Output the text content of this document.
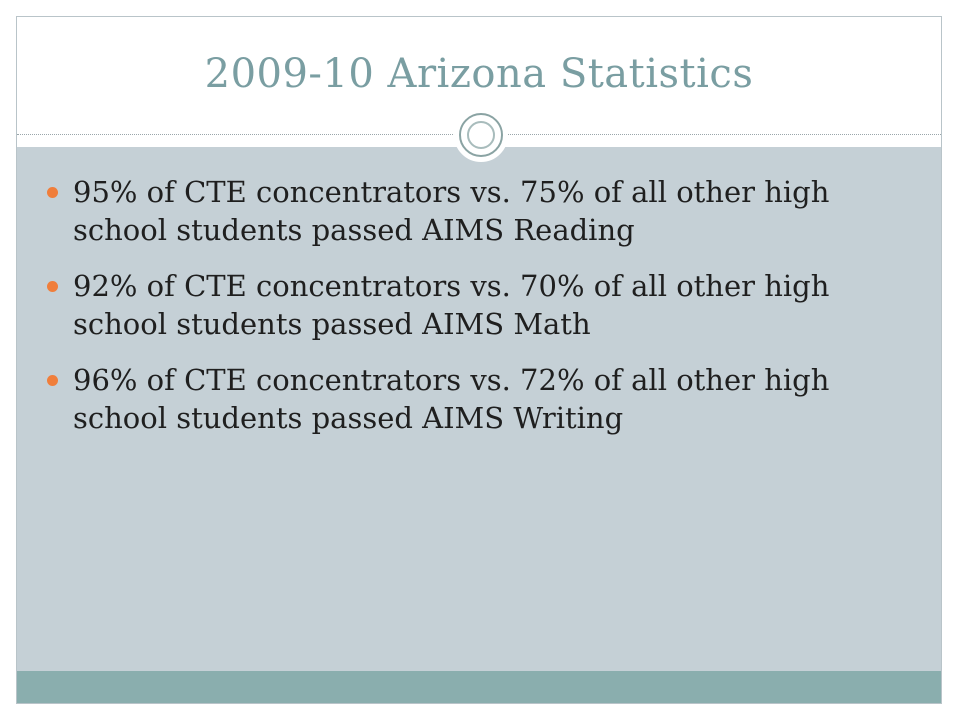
2009-10 Arizona Statistics
95% of CTE concentrators vs. 75% of all other high school students passed AIMS Reading
92% of CTE concentrators vs. 70% of all other high school students passed AIMS Math
96% of CTE concentrators vs. 72% of all other high school students passed AIMS Writing
